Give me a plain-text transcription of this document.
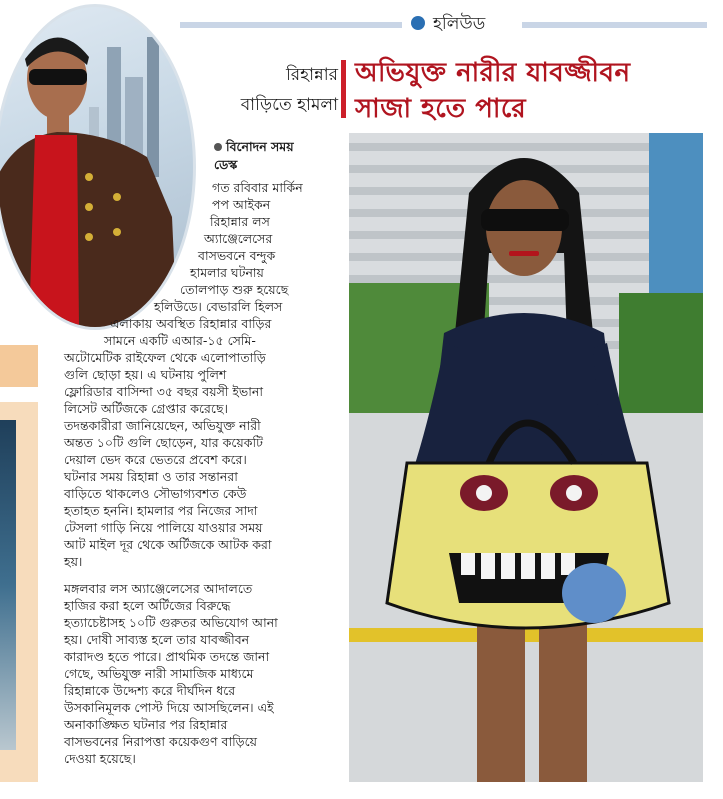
হলিউড
রিহান্নার
বাড়িতে হামলা
অভিযুক্ত নারীর যাবজ্জীবন
সাজা হতে পারে
বিনোদন সময়
ডেস্ক
গত রবিবার মার্কিন
পপ আইকন
রিহান্নার লস
অ্যাঞ্জেলেসের
বাসভবনে বন্দুক
হামলার ঘটনায়
তোলপাড় শুরু হয়েছে
হলিউডে। বেভারলি হিলস
এলাকায় অবস্থিত রিহান্নার বাড়ির
সামনে একটি এআর-১৫ সেমি-
অটোমেটিক রাইফেল থেকে এলোপাতাড়ি
গুলি ছোড়া হয়। এ ঘটনায় পুলিশ
ফ্লোরিডার বাসিন্দা ৩৫ বছর বয়সী ইভানা
লিসেট অর্টিজকে গ্রেপ্তার করেছে।
তদন্তকারীরা জানিয়েছেন, অভিযুক্ত নারী
অন্তত ১০টি গুলি ছোড়েন, যার কয়েকটি
দেয়াল ভেদ করে ভেতরে প্রবেশ করে।
ঘটনার সময় রিহান্না ও তার সন্তানরা
বাড়িতে থাকলেও সৌভাগ্যবশত কেউ
হতাহত হননি। হামলার পর নিজের সাদা
টেসলা গাড়ি নিয়ে পালিয়ে যাওয়ার সময়
আট মাইল দূর থেকে অর্টিজকে আটক করা
হয়।
মঙ্গলবার লস অ্যাঞ্জেলেসের আদালতে
হাজির করা হলে অর্টিজের বিরুদ্ধে
হত্যাচেষ্টাসহ ১০টি গুরুতর অভিযোগ আনা
হয়। দোষী সাব্যস্ত হলে তার যাবজ্জীবন
কারাদণ্ড হতে পারে। প্রাথমিক তদন্তে জানা
গেছে, অভিযুক্ত নারী সামাজিক মাধ্যমে
রিহান্নাকে উদ্দেশ্য করে দীর্ঘদিন ধরে
উসকানিমূলক পোস্ট দিয়ে আসছিলেন। এই
অনাকাঙ্ক্ষিত ঘটনার পর রিহান্নার
বাসভবনের নিরাপত্তা কয়েকগুণ বাড়িয়ে
দেওয়া হয়েছে।
